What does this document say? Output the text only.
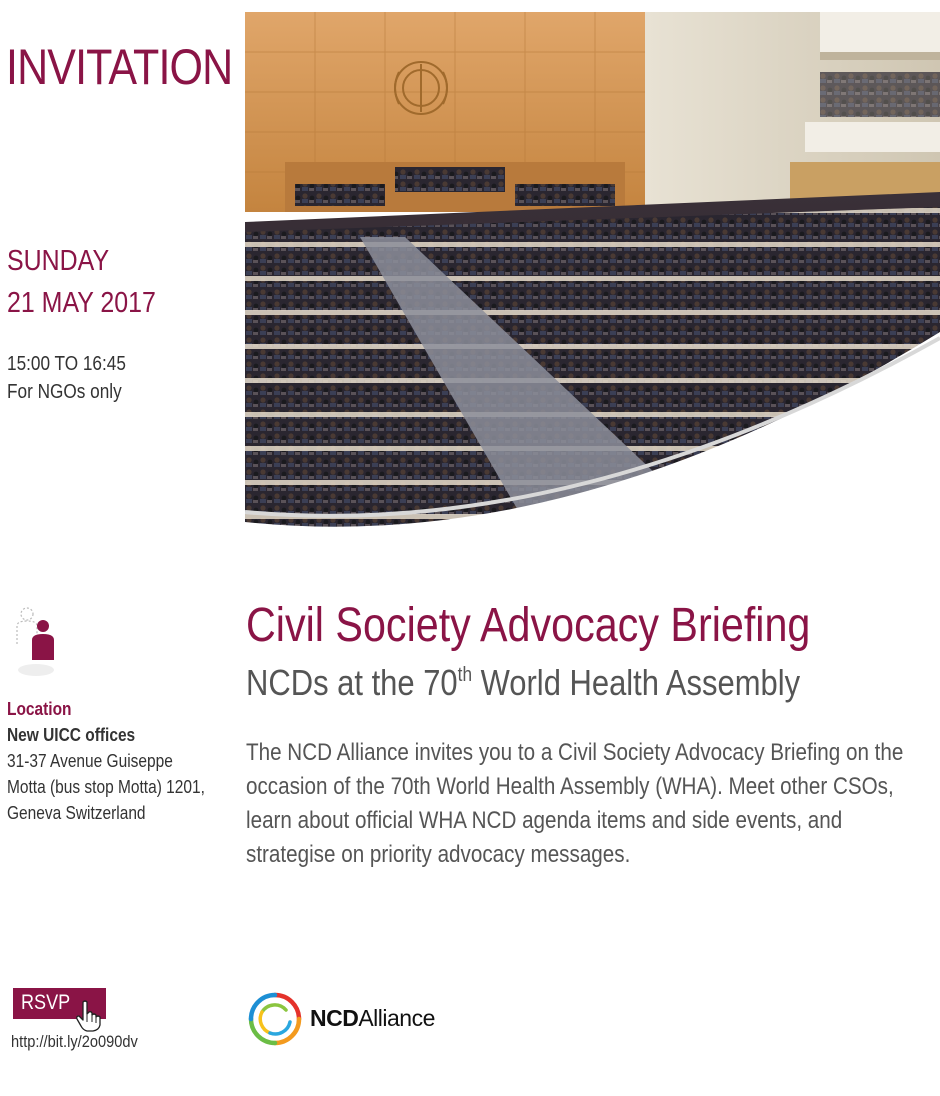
INVITATION
SUNDAY
21 MAY 2017
15:00 TO 16:45
For NGOs only
Location
New UICC offices
31-37 Avenue Guiseppe
Motta (bus stop Motta) 1201,
Geneva Switzerland
Civil Society Advocacy Briefing
NCDs at the 70th World Health Assembly
The NCD Alliance invites you to a Civil Society Advocacy Briefing on the occasion of the 70th World Health Assembly (WHA). Meet other CSOs, learn about official WHA NCD agenda items and side events, and strategise on priority advocacy messages.
RSVP
http://bit.ly/2o090dv
NCDAlliance
